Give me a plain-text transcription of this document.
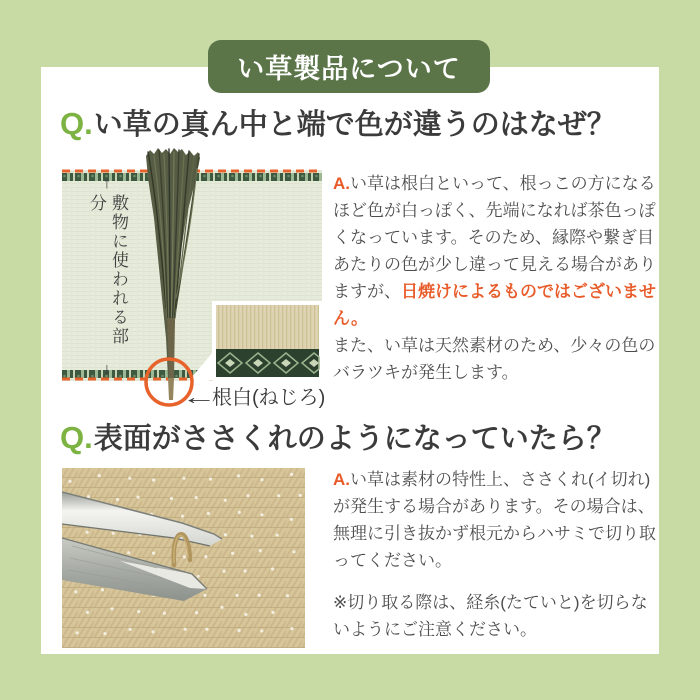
い草製品について
Q.い草の真ん中と端で色が違うのはなぜ？
↑
敷物に使われる部分
↓
←根白(ねじろ)

A.い草は根白といって、根っこの方になるほど色が白っぽく、先端になれば茶色っぽくなっています。そのため、縁際や繋ぎ目あたりの色が少し違って見える場合がありますが、日焼けによるものではございません。

また、い草は天然素材のため、少々の色のバラツキが発生します。

Q.表面がささくれのようになっていたら？

A.い草は素材の特性上、ささくれ(イ切れ)が発生する場合があります。その場合は、無理に引き抜かず根元からハサミで切り取ってください。

※切り取る際は、経糸(たていと)を切らないようにご注意ください。
